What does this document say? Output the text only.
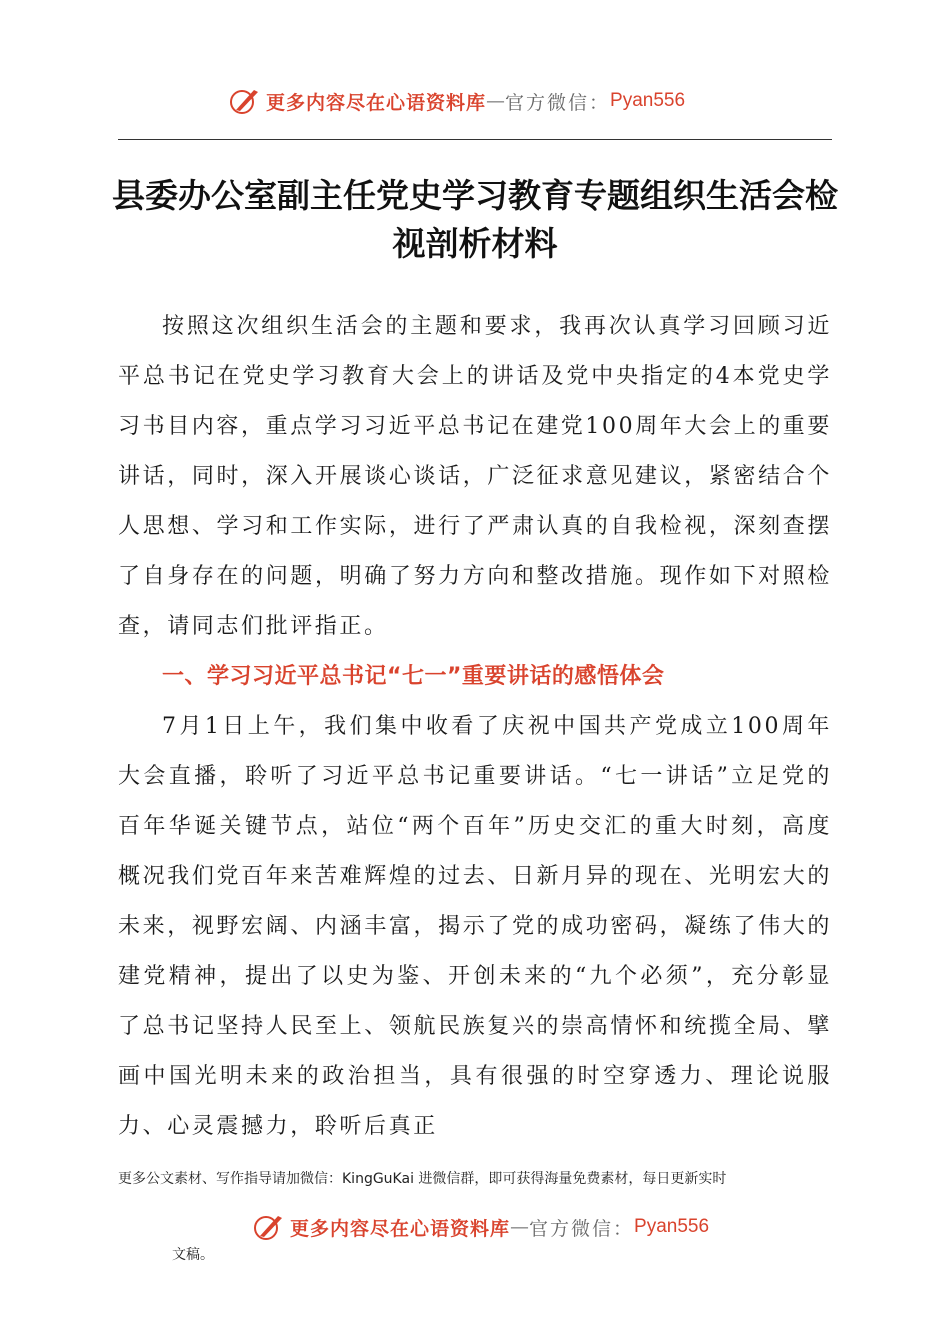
更多内容尽在心语资料库 — 官方微信： Pyan556
县委办公室副主任党史学习教育专题组织生活会检视剖析材料

按照这次组织生活会的主题和要求，我再次认真学习回顾习近平总书记在党史学习教育大会上的讲话及党中央指定的4本党史学习书目内容，重点学习习近平总书记在建党100周年大会上的重要讲话，同时，深入开展谈心谈话，广泛征求意见建议，紧密结合个人思想、学习和工作实际，进行了严肃认真的自我检视，深刻查摆了自身存在的问题，明确了努力方向和整改措施。现作如下对照检查，请同志们批评指正。

一、学习习近平总书记“七一”重要讲话的感悟体会

7月1日上午，我们集中收看了庆祝中国共产党成立100周年大会直播，聆听了习近平总书记重要讲话。“七一讲话”立足党的百年华诞关键节点，站位“两个百年”历史交汇的重大时刻，高度概况我们党百年来苦难辉煌的过去、日新月异的现在、光明宏大的未来，视野宏阔、内涵丰富，揭示了党的成功密码，凝练了伟大的建党精神，提出了以史为鉴、开创未来的“九个必须”，充分彰显了总书记坚持人民至上、领航民族复兴的崇高情怀和统揽全局、擘画中国光明未来的政治担当，具有很强的时空穿透力、理论说服力、心灵震撼力，聆听后真正

更多公文素材、写作指导请加微信：KingGuKai 进微信群，即可获得海量免费素材，每日更新实时

更多内容尽在心语资料库 — 官方微信： Pyan556

文稿。
